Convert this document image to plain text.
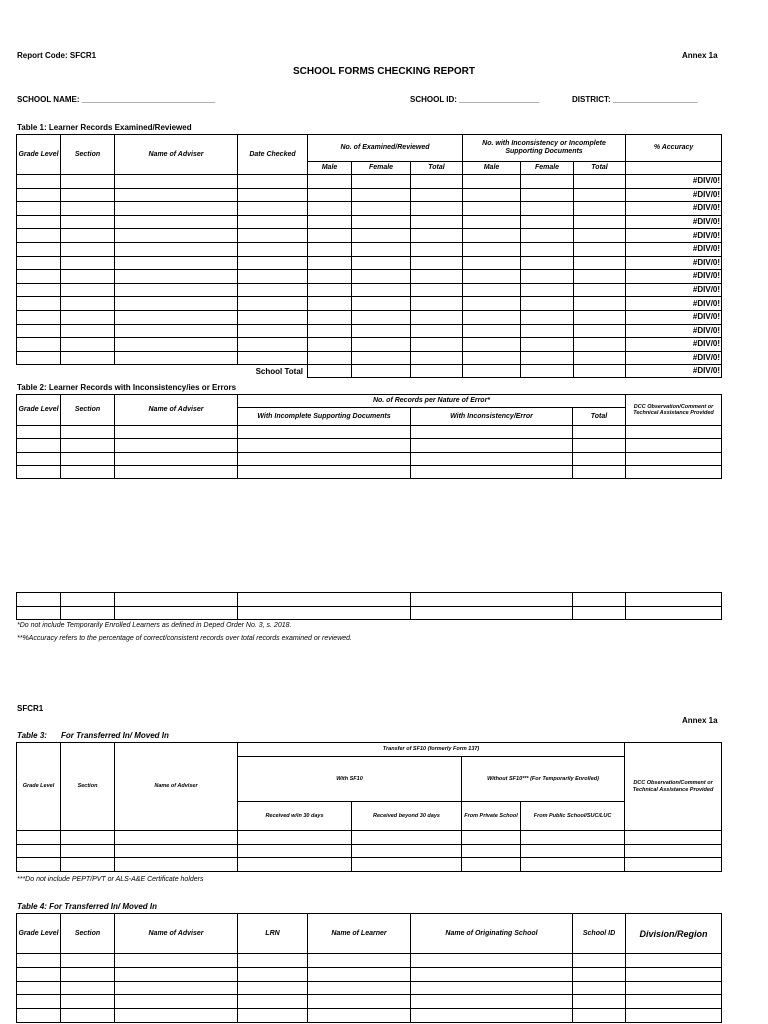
Report Code: SFCR1	Annex 1a
SCHOOL FORMS CHECKING REPORT
SCHOOL NAME: ______________________________	SCHOOL ID: __________________	DISTRICT: ___________________
Table 1: Learner Records Examined/Reviewed
Grade Level	Section	Name of Adviser	Date Checked	No. of Examined/Reviewed			No. with Inconsistency or Incomplete Supporting Documents			% Accuracy
				Male	Female	Total	Male	Female	Total	
										#DIV/0!
										#DIV/0!
										#DIV/0!
										#DIV/0!
										#DIV/0!
										#DIV/0!
										#DIV/0!
										#DIV/0!
										#DIV/0!
										#DIV/0!
										#DIV/0!
										#DIV/0!
										#DIV/0!
										#DIV/0!
School Total										#DIV/0!
Table 2: Learner Records with Inconsistency/ies or Errors
Grade Level	Section	Name of Adviser	No. of Records per Nature of Error*			DCC Observation/Comment or Technical Assistance Provided
			With Incomplete Supporting Documents	With Inconsistency/Error	Total	

*Do not include Temporarily Enrolled Learners as defined in Deped Order No. 3, s. 2018.
**%Accuracy refers to the percentage of correct/consistent records over total records examined or reviewed.
SFCR1
Annex 1a
Table 3: For Transferred In/ Moved In
Grade Level	Section	Name of Adviser	Transfer of SF10 (formerly Form 137)				DCC Observation/Comment or Technical Assistance Provided
			With SF10		Without SF10*** (For Temporarily Enrolled)		
			Received w/in 30 days	Received beyond 30 days	From Private School	From Public School/SUC/LUC	

***Do not include PEPT/PVT or ALS-A&E Certificate holders
Table 4: For Transferred In/ Moved In
Grade Level	Section	Name of Adviser	LRN	Name of Learner	Name of Originating School	School ID	Division/Region
